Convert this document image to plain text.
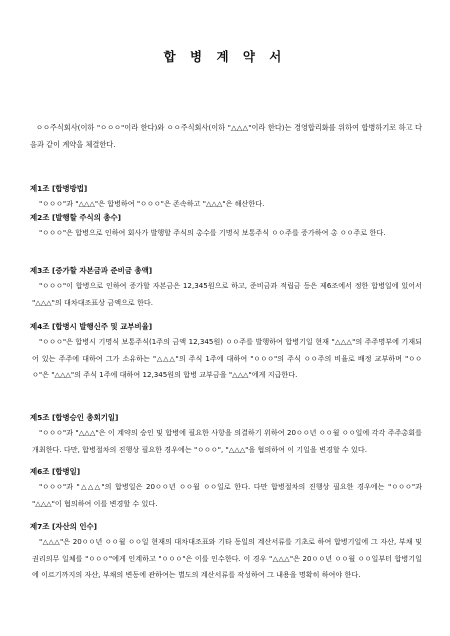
합 병 계 약 서
ㅇㅇ주식회사(이하 "ㅇㅇㅇ"이라 한다)와 ㅇㅇ주식회사(이하 "△△△"이라 한다)는 경영합리화를 위하여 합병하기로 하고 다음과 같이 계약을 체결한다.
제1조 [합병방법]
"ㅇㅇㅇ"과 "△△△"은 합병하여 "ㅇㅇㅇ"은 존속하고 "△△△"은 해산한다.
제2조 [발행할 주식의 총수]
"ㅇㅇㅇ"은 합병으로 인하여 회사가 발행할 주식의 총수를 기명식 보통주식 ㅇㅇ주를 증가하여 총 ㅇㅇ주로 한다.
제3조 [증가할 자본금과 준비금 총액]
"ㅇㅇㅇ"이 합병으로 인하여 증가할 자본금은 12,345원으로 하고, 준비금과 적립금 등은 제6조에서 정한 합병일에 있어서 "△△△"의 대차대조표상 금액으로 한다.
제4조 [합병시 발행신주 및 교부비율]
"ㅇㅇㅇ"은 합병시 기명식 보통주식(1주의 금액 12,345원) ㅇㅇ주를 발행하여 합병기일 현재 "△△△"의 주주명부에 기재되어 있는 주주에 대하여 그가 소유하는 "△△△"의 주식 1주에 대하여 "ㅇㅇㅇ"의 주식 ㅇㅇ주의 비율로 배정 교부하며 "ㅇㅇㅇ"은 "△△△"의 주식 1주에 대하여 12,345원의 합병 교부금을 "△△△"에게 지급한다.
제5조 [합병승인 총회기일]
"ㅇㅇㅇ"과 "△△△"은 이 계약의 승인 및 합병에 필요한 사항을 의결하기 위하여 20ㅇㅇ년 ㅇㅇ월 ㅇㅇ일에 각각 주주총회를 개최한다. 다만, 합병절차의 진행상 필요한 경우에는 "ㅇㅇㅇ", "△△△"을 협의하여 이 기일을 변경할 수 있다.
제6조 [합병일]
"ㅇㅇㅇ"과 "△△△"의 합병일은 20ㅇㅇ년 ㅇㅇ월 ㅇㅇ일로 한다. 다만 합병절차의 진행상 필요한 경우에는 "ㅇㅇㅇ"과 "△△△"이 협의하여 이를 변경할 수 있다.
제7조 [자산의 인수]
"△△△"은 20ㅇㅇ년 ㅇㅇ월 ㅇㅇ일 현재의 대차대조표와 기타 동일의 계산서류를 기초로 하여 합병기일에 그 자산, 부채 및 권리의무 일체를 "ㅇㅇㅇ"에게 인계하고 "ㅇㅇㅇ"은 이를 인수한다. 이 경우 "△△△"은 20ㅇㅇ년 ㅇㅇ월 ㅇㅇ일부터 합병기일에 이르기까지의 자산, 부채의 변동에 관하여는 별도의 계산서류를 작성하여 그 내용을 명확히 하여야 한다.
